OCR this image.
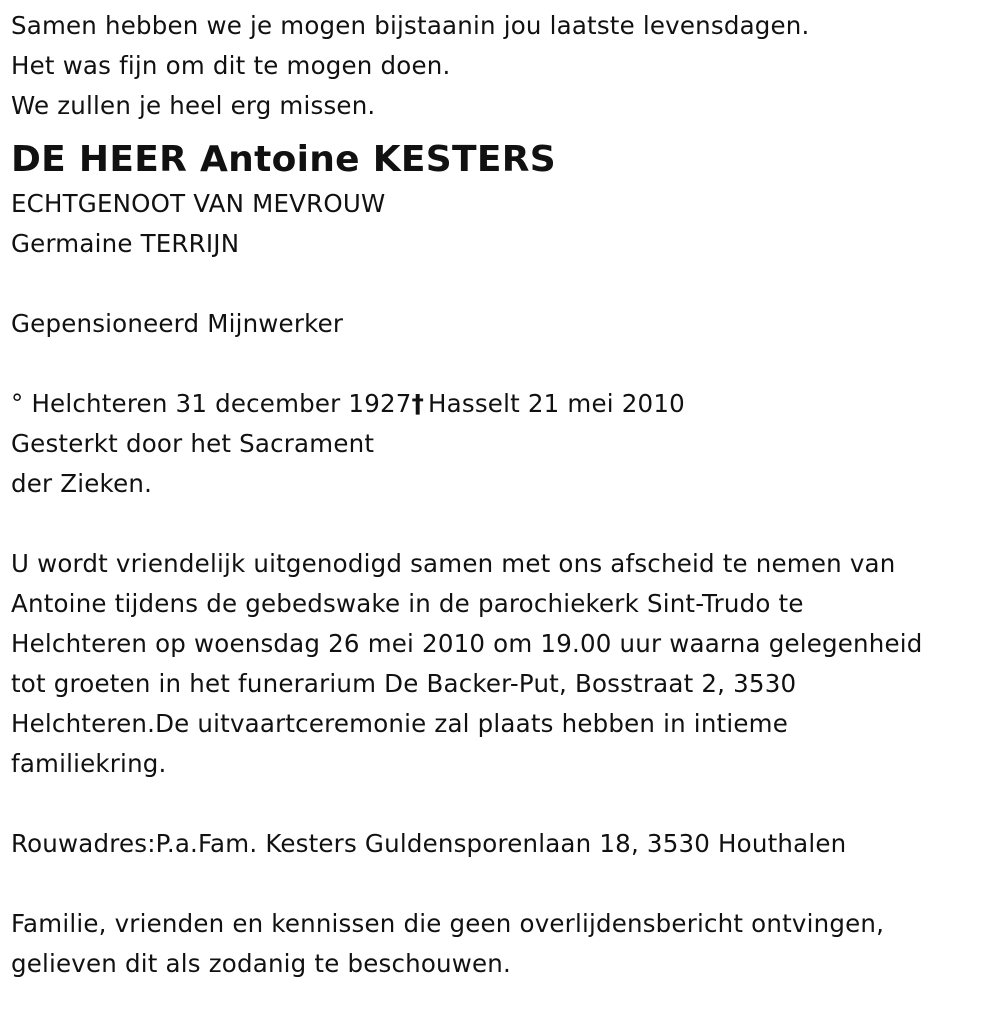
Samen hebben we je mogen bijstaanin jou laatste levensdagen.
Het was fijn om dit te mogen doen.
We zullen je heel erg missen.
DE HEER Antoine KESTERS
ECHTGENOOT VAN MEVROUW
Germaine TERRIJN
Gepensioneerd Mijnwerker
° Helchteren 31 december 1927† Hasselt 21 mei 2010
Gesterkt door het Sacrament
der Zieken.
U wordt vriendelijk uitgenodigd samen met ons afscheid te nemen van
Antoine tijdens de gebedswake in de parochiekerk Sint-Trudo te
Helchteren op woensdag 26 mei 2010 om 19.00 uur waarna gelegenheid
tot groeten in het funerarium De Backer-Put, Bosstraat 2, 3530
Helchteren.De uitvaartceremonie zal plaats hebben in intieme
familiekring.
Rouwadres:P.a.Fam. Kesters Guldensporenlaan 18, 3530 Houthalen
Familie, vrienden en kennissen die geen overlijdensbericht ontvingen,
gelieven dit als zodanig te beschouwen.
